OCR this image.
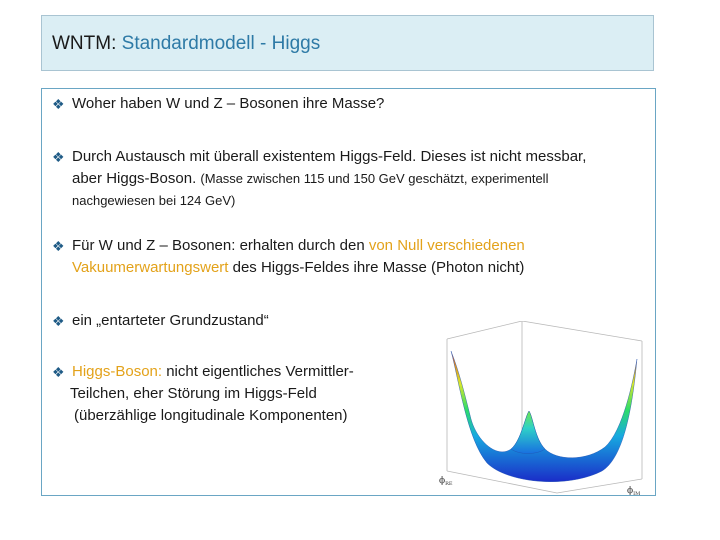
WNTM: Standardmodell - Higgs
❖ Woher haben W und Z – Bosonen ihre Masse?
❖ Durch Austausch mit überall existentem Higgs-Feld. Dieses ist nicht messbar,
aber Higgs-Boson. (Masse zwischen 115 und 150 GeV geschätzt, experimentell
nachgewiesen bei 124 GeV)
❖ Für W und Z – Bosonen: erhalten durch den von Null verschiedenen
Vakuumerwartungswert des Higgs-Feldes ihre Masse (Photon nicht)
❖ ein „entarteter Grundzustand“
❖ Higgs-Boson: nicht eigentliches Vermittler-
Teilchen, eher Störung im Higgs-Feld
(überzählige longitudinale Komponenten)
$\phi_{RE}$
$\phi_{IM}$
